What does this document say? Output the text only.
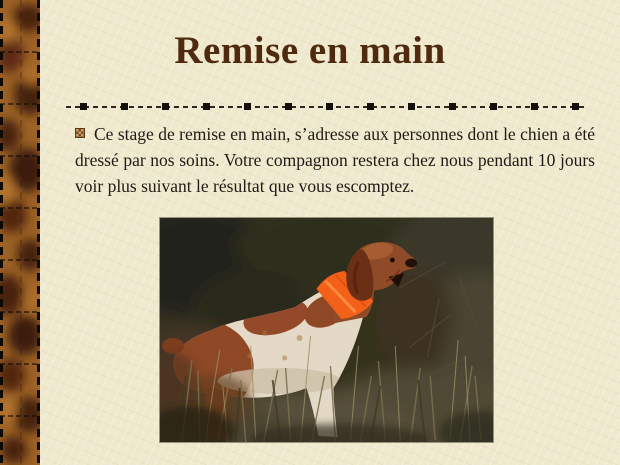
Remise en main

Ce stage de remise en main, s’adresse aux personnes dont le chien a été dressé par nos soins. Votre compagnon restera chez nous pendant 10 jours voir plus suivant le résultat que vous escomptez.
